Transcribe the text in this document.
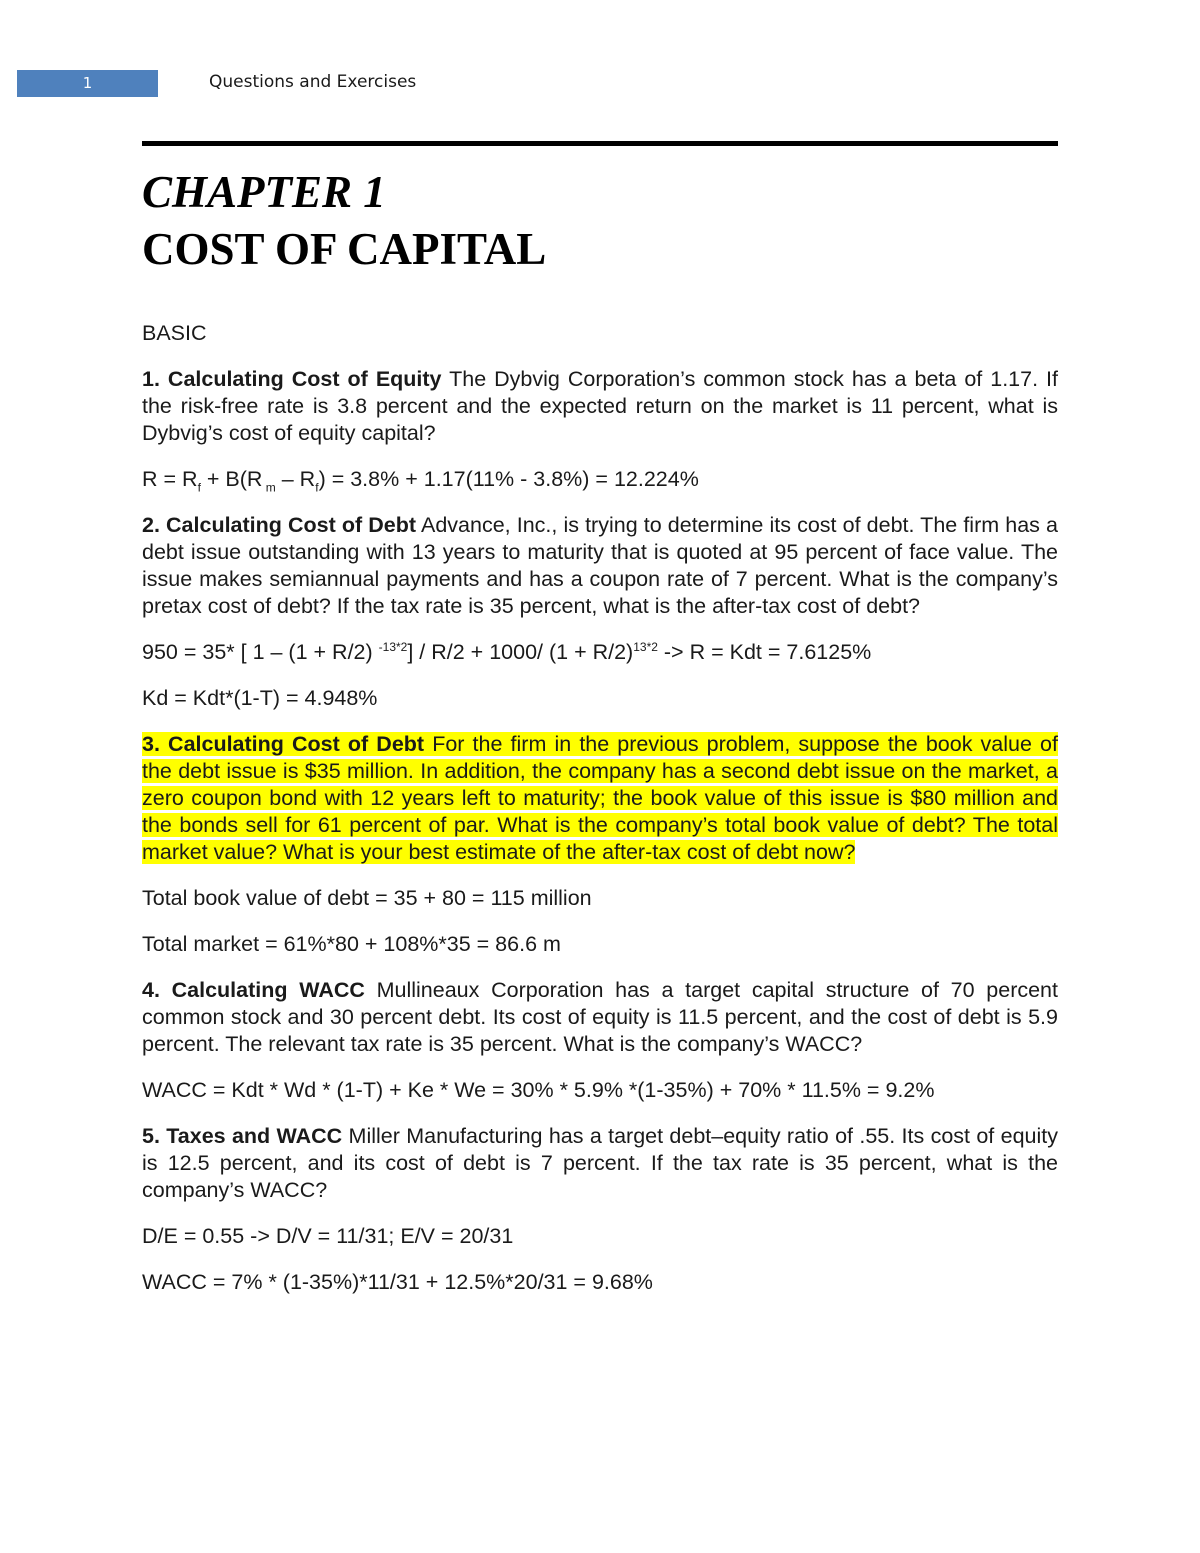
1	Questions and Exercises
CHAPTER 1
COST OF CAPITAL

BASIC

1. Calculating Cost of Equity The Dybvig Corporation’s common stock has a beta of 1.17. If the risk-free rate is 3.8 percent and the expected return on the market is 11 percent, what is Dybvig’s cost of equity capital?

$R = R_f + B(R$ $_m - R_f) = 3.8\% + 1.17(11\% - 3.8\%) = 12.224\%$

2. Calculating Cost of Debt Advance, Inc., is trying to determine its cost of debt. The firm has a debt issue outstanding with 13 years to maturity that is quoted at 95 percent of face value. The issue makes semiannual payments and has a coupon rate of 7 percent. What is the company’s pretax cost of debt? If the tax rate is 35 percent, what is the after-tax cost of debt?

950 = 35* [ 1 – (1 + R/2) $^{-13*2}$] / R/2 + 1000/ $(1 + R/2)^{13*2} -> R$ = Kdt = 7.6125%

Kd = Kdt*(1-T) = 4.948%

3. Calculating Cost of Debt For the firm in the previous problem, suppose the book value of the debt issue is $35 million. In addition, the company has a second debt issue on the market, a zero coupon bond with 12 years left to maturity; the book value of this issue is $80 million and the bonds sell for 61 percent of par. What is the company’s total book value of debt? The total market value? What is your best estimate of the after-tax cost of debt now?

Total book value of debt = 35 + 80 = 115 million

Total market = 61%*80 + 108%*35 = 86.6 m

4. Calculating WACC Mullineaux Corporation has a target capital structure of 70 percent common stock and 30 percent debt. Its cost of equity is 11.5 percent, and the cost of debt is 5.9 percent. The relevant tax rate is 35 percent. What is the company’s WACC?

WACC = Kdt * Wd * (1-T) + Ke * We = 30% * 5.9% *(1-35%) + 70% * 11.5% = 9.2%

5. Taxes and WACC Miller Manufacturing has a target debt–equity ratio of .55. Its cost of equity is 12.5 percent, and its cost of debt is 7 percent. If the tax rate is 35 percent, what is the company’s WACC?

D/E = 0.55 -> D/V = 11/31; E/V = 20/31

WACC = 7% * (1-35%)*11/31 + 12.5%*20/31 = 9.68%
